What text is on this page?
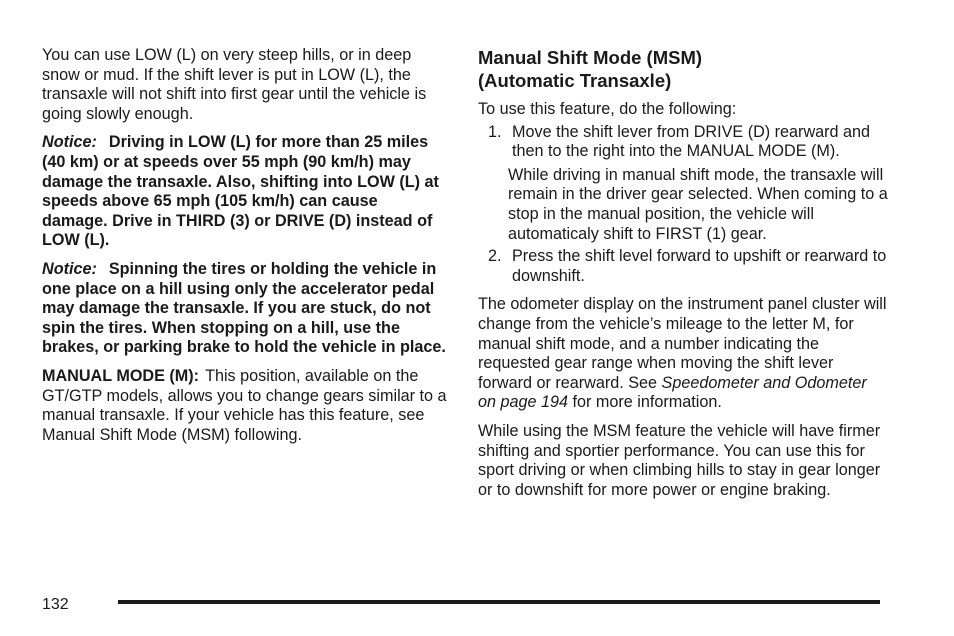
You can use LOW (L) on very steep hills, or in deep snow or mud. If the shift lever is put in LOW (L), the transaxle will not shift into first gear until the vehicle is going slowly enough.

Notice: Driving in LOW (L) for more than 25 miles (40 km) or at speeds over 55 mph (90 km/h) may damage the transaxle. Also, shifting into LOW (L) at speeds above 65 mph (105 km/h) can cause damage. Drive in THIRD (3) or DRIVE (D) instead of LOW (L).

Notice: Spinning the tires or holding the vehicle in one place on a hill using only the accelerator pedal may damage the transaxle. If you are stuck, do not spin the tires. When stopping on a hill, use the brakes, or parking brake to hold the vehicle in place.

MANUAL MODE (M): This position, available on the GT/GTP models, allows you to change gears similar to a manual transaxle. If your vehicle has this feature, see Manual Shift Mode (MSM) following.

Manual Shift Mode (MSM)
(Automatic Transaxle)

To use this feature, do the following:

1. Move the shift lever from DRIVE (D) rearward and then to the right into the MANUAL MODE (M).

While driving in manual shift mode, the transaxle will remain in the driver gear selected. When coming to a stop in the manual position, the vehicle will automaticaly shift to FIRST (1) gear.

2. Press the shift level forward to upshift or rearward to downshift.

The odometer display on the instrument panel cluster will change from the vehicle’s mileage to the letter M, for manual shift mode, and a number indicating the requested gear range when moving the shift lever forward or rearward. See Speedometer and Odometer on page 194 for more information.

While using the MSM feature the vehicle will have firmer shifting and sportier performance. You can use this for sport driving or when climbing hills to stay in gear longer or to downshift for more power or engine braking.

132
